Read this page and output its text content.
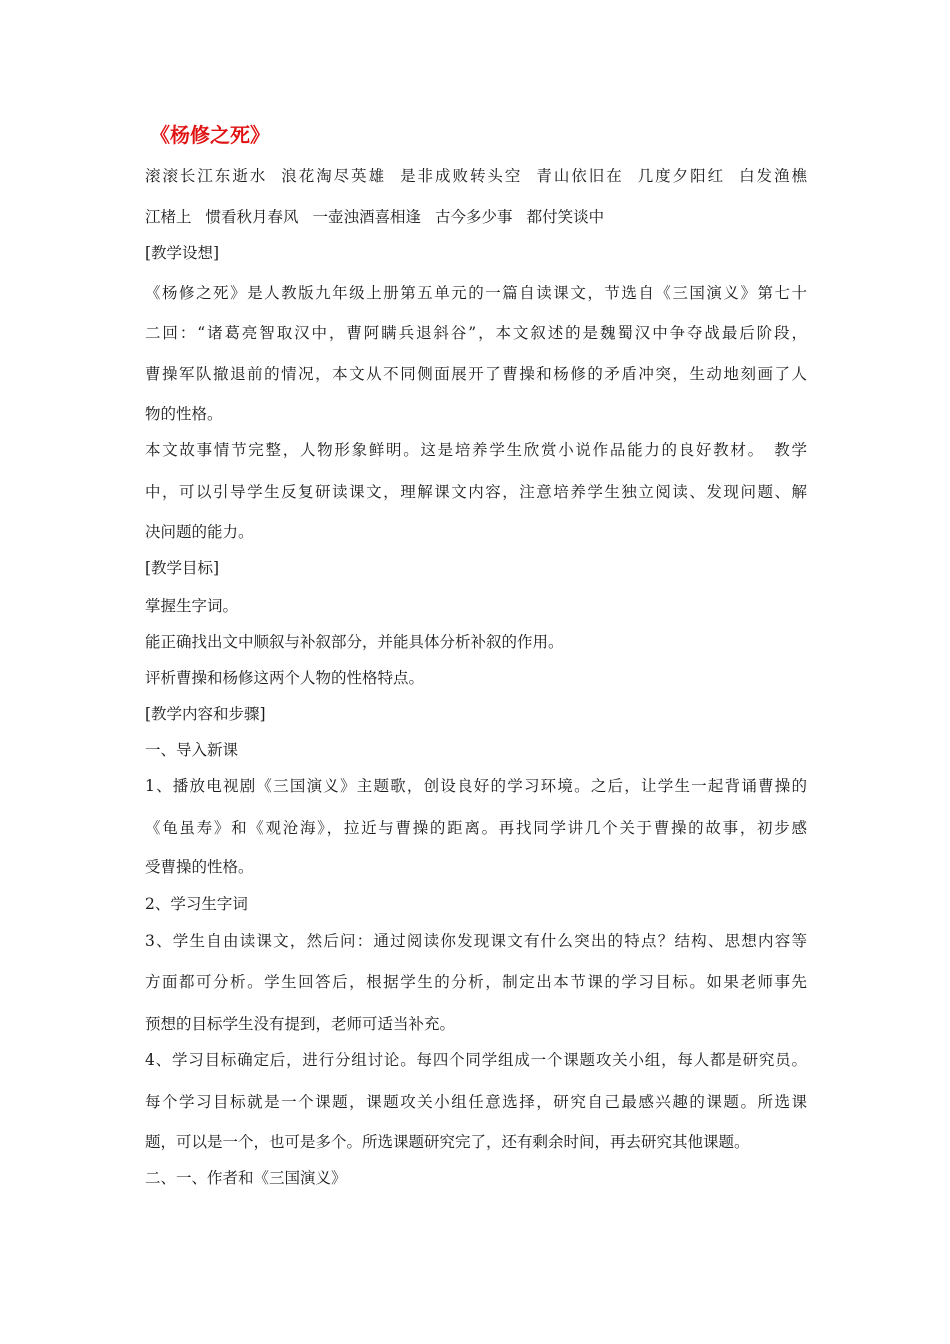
《杨修之死》
滚滚长江东逝水 浪花淘尽英雄 是非成败转头空 青山依旧在 几度夕阳红 白发渔樵
江楮上 惯看秋月春风 一壶浊酒喜相逢 古今多少事 都付笑谈中
[教学设想]
《杨修之死》是人教版九年级上册第五单元的一篇自读课文，节选自《三国演义》第七十
二回：“诸葛亮智取汉中，曹阿瞒兵退斜谷”，本文叙述的是魏蜀汉中争夺战最后阶段，
曹操军队撤退前的情况，本文从不同侧面展开了曹操和杨修的矛盾冲突，生动地刻画了人
物的性格。
本文故事情节完整，人物形象鲜明。这是培养学生欣赏小说作品能力的良好教材。　教学
中，可以引导学生反复研读课文，理解课文内容，注意培养学生独立阅读、发现问题、解
决问题的能力。
[教学目标]
掌握生字词。
能正确找出文中顺叙与补叙部分，并能具体分析补叙的作用。
评析曹操和杨修这两个人物的性格特点。
[教学内容和步骤]
一、导入新课
1、播放电视剧《三国演义》主题歌，创设良好的学习环境。之后，让学生一起背诵曹操的
《龟虽寿》和《观沧海》，拉近与曹操的距离。再找同学讲几个关于曹操的故事，初步感
受曹操的性格。
2、学习生字词
3、学生自由读课文，然后问：通过阅读你发现课文有什么突出的特点？结构、思想内容等
方面都可分析。学生回答后，根据学生的分析，制定出本节课的学习目标。如果老师事先
预想的目标学生没有提到，老师可适当补充。
4、学习目标确定后，进行分组讨论。每四个同学组成一个课题攻关小组，每人都是研究员。
每个学习目标就是一个课题，课题攻关小组任意选择，研究自己最感兴趣的课题。所选课
题，可以是一个，也可是多个。所选课题研究完了，还有剩余时间，再去研究其他课题。
二、一、作者和《三国演义》
